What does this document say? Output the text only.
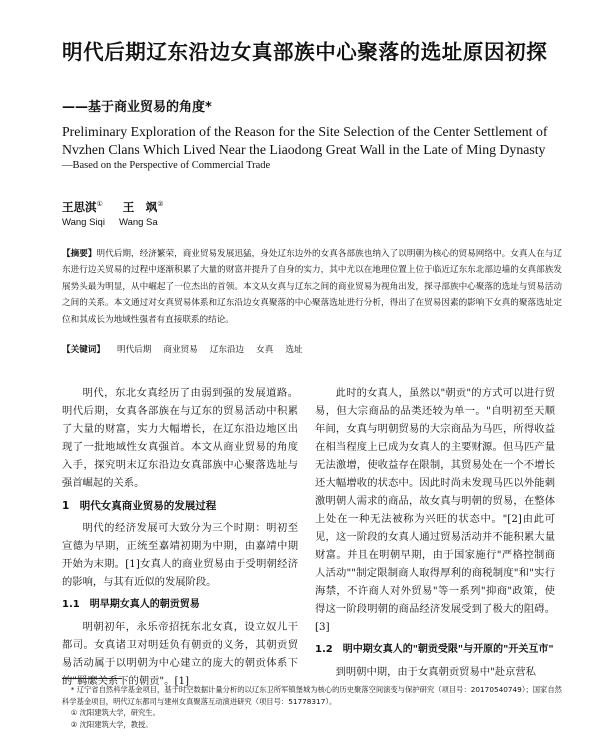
明代后期辽东沿边女真部族中心聚落的选址原因初探
——基于商业贸易的角度*

Preliminary Exploration of the Reason for the Site Selection of the Center Settlement of Nvzhen Clans Which Lived Near the Liaodong Great Wall in the Late of Ming Dynasty

—Based on the Perspective of Commercial Trade

王思淇① 王　飒②

Wang Siqi Wang Sa

【摘要】明代后期，经济繁荣，商业贸易发展迅猛，身处辽东边外的女真各部族也纳入了以明朝为核心的贸易网络中。女真人在与辽东进行边关贸易的过程中逐渐积累了大量的财富并提升了自身的实力，其中尤以在地理位置上位于临近辽东东北部边墙的女真部族发展势头最为明显，从中崛起了一位杰出的首领。本文从女真与辽东之间的商业贸易为视角出发，探寻部族中心聚落的选址与贸易活动之间的关系。本文通过对女真贸易体系和辽东沿边女真聚落的中心聚落选址进行分析，得出了在贸易因素的影响下女真的聚落选址定位和其成长为地域性强者有直接联系的结论。

【关键词】 明代后期 商业贸易 辽东沿边 女真 选址

明代，东北女真经历了由弱到强的发展道路。明代后期，女真各部族在与辽东的贸易活动中积累了大量的财富，实力大幅增长，在辽东沿边地区出现了一批地域性女真强首。本文从商业贸易的角度入手，探究明末辽东沿边女真部族中心聚落选址与强首崛起的关系。

1　明代女真商业贸易的发展过程

明代的经济发展可大致分为三个时期：明初至宣德为早期，正统至嘉靖初期为中期，由嘉靖中期开始为末期。[1]女真人的商业贸易由于受明朝经济的影响，与其有近似的发展阶段。

1.1　明早期女真人的朝贡贸易

明朝初年，永乐帝招抚东北女真，设立奴儿干都司。女真诸卫对明廷负有朝贡的义务，其朝贡贸易活动属于以明朝为中心建立的庞大的朝贡体系下的"羁縻关系下的朝贡"。[1]

此时的女真人，虽然以"朝贡"的方式可以进行贸易，但大宗商品的品类还较为单一。"自明初至天顺年间，女真与明朝贸易的大宗商品为马匹，所得收益在相当程度上已成为女真人的主要财源。但马匹产量无法激增，使收益存在限制，其贸易处在一个不增长还大幅增收的状态中。因此时尚未发现马匹以外能刺激明朝人需求的商品，故女真与明朝的贸易，在整体上处在一种无法被称为兴旺的状态中。"[2]由此可见，这一阶段的女真人通过贸易活动并不能积累大量财富。并且在明朝早期，由于国家施行"严格控制商人活动""制定限制商人取得厚利的商税制度"和"实行海禁，不许商人对外贸易"等一系列"抑商"政策，使得这一阶段明朝的商品经济发展受到了极大的阻碍。[3]

1.2　明中期女真人的"朝贡受限"与开原的"开关互市"

到明朝中期，由于女真朝贡贸易中"赴京营私

* 辽宁省自然科学基金项目，基于时空数据计量分析的以辽东卫所军镇堡城为核心的历史聚落空间演变与保护研究（项目号：20170540749）；国家自然科学基金项目，明代辽东都司与建州女真聚落互动演进研究（项目号：51778317）。

① 沈阳建筑大学，研究生。

② 沈阳建筑大学，教授。
